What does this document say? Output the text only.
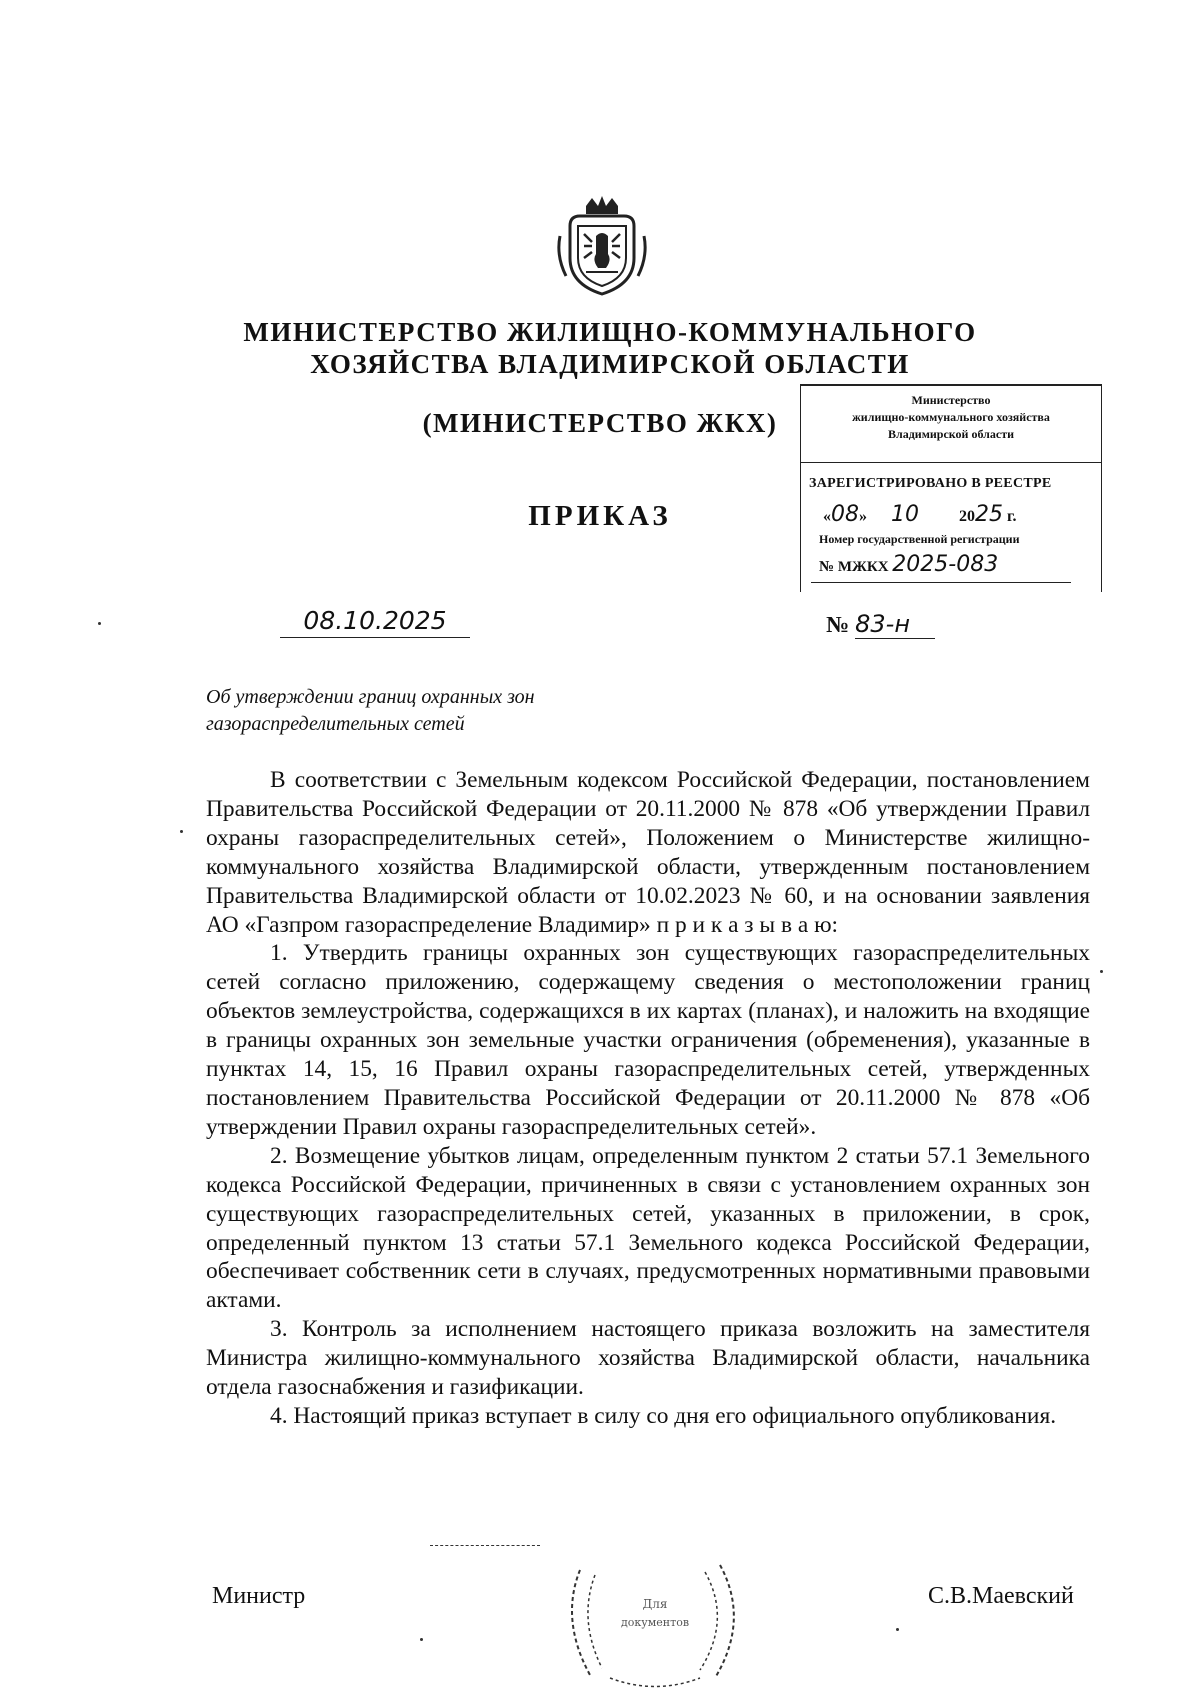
МИНИСТЕРСТВО ЖИЛИЩНО-КОММУНАЛЬНОГО
ХОЗЯЙСТВА ВЛАДИМИРСКОЙ ОБЛАСТИ
(МИНИСТЕРСТВО ЖКХ)
ПРИКАЗ
Министерство
жилищно-коммунального хозяйства
Владимирской области
ЗАРЕГИСТРИРОВАНО В РЕЕСТРЕ
«08» 10	2025 г.
Номер государственной регистрации
№ МЖКХ 2025-083
08.10.2025	№ 83-н
Об утверждении границ охранных зон
газораспределительных сетей

В соответствии с Земельным кодексом Российской Федерации, постановлением Правительства Российской Федерации от 20.11.2000 № 878 «Об утверждении Правил охраны газораспределительных сетей», Положением о Министерстве жилищно-коммунального хозяйства Владимирской области, утвержденным постановлением Правительства Владимирской области от 10.02.2023 № 60, и на основании заявления АО «Газпром газораспределение Владимир» п р и к а з ы в а ю:

1. Утвердить границы охранных зон существующих газораспределительных сетей согласно приложению, содержащему сведения о местоположении границ объектов землеустройства, содержащихся в их картах (планах), и наложить на входящие в границы охранных зон земельные участки ограничения (обременения), указанные в пунктах 14, 15, 16 Правил охраны газораспределительных сетей, утвержденных постановлением Правительства Российской Федерации от 20.11.2000 № 878 «Об утверждении Правил охраны газораспределительных сетей».

2. Возмещение убытков лицам, определенным пунктом 2 статьи 57.1 Земельного кодекса Российской Федерации, причиненных в связи с установлением охранных зон существующих газораспределительных сетей, указанных в приложении, в срок, определенный пунктом 13 статьи 57.1 Земельного кодекса Российской Федерации, обеспечивает собственник сети в случаях, предусмотренных нормативными правовыми актами.

3. Контроль за исполнением настоящего приказа возложить на заместителя Министра жилищно-коммунального хозяйства Владимирской области, начальника отдела газоснабжения и газификации.

4. Настоящий приказ вступает в силу со дня его официального опубликования.

Министр	Для
документов
С.В.Маевский
